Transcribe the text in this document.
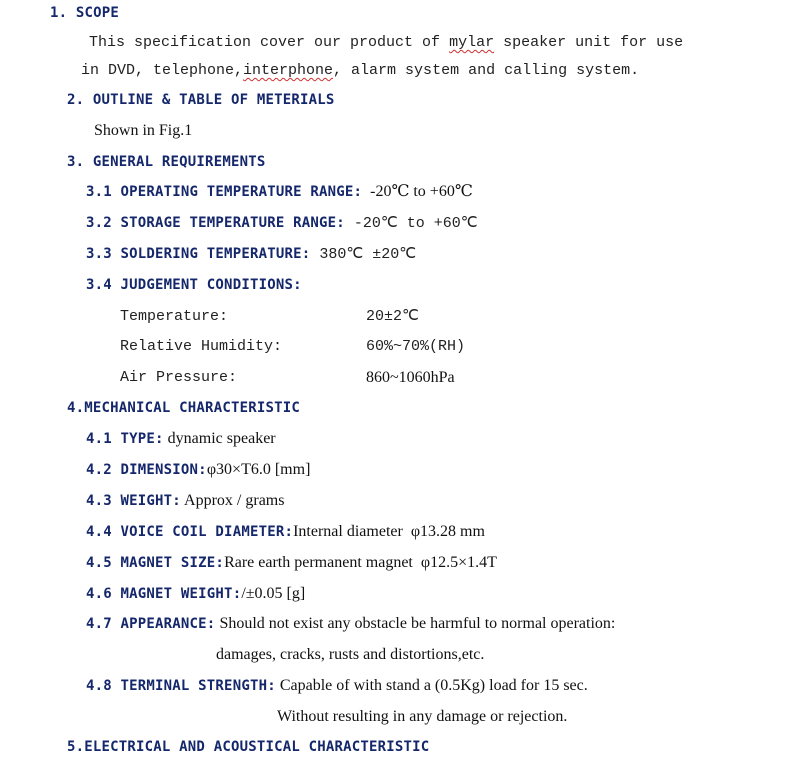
1. SCOPE
This specification cover our product of mylar speaker unit for use
in DVD, telephone,interphone, alarm system and calling system.
2. OUTLINE & TABLE OF METERIALS
Shown in Fig.1
3. GENERAL REQUIREMENTS
3.1 OPERATING TEMPERATURE RANGE:  -20℃ to +60℃
3.2 STORAGE TEMPERATURE RANGE: -20℃ to +60℃
3.3 SOLDERING TEMPERATURE: 380℃ ±20℃
3.4 JUDGEMENT CONDITIONS:
Temperature:	20±2℃
Relative Humidity:	60%~70%(RH)
Air Pressure:	860~1060hPa
4.MECHANICAL CHARACTERISTIC
4.1 TYPE: dynamic speaker
4.2 DIMENSION:φ30×T6.0 [mm]
4.3 WEIGHT: Approx / grams
4.4 VOICE COIL DIAMETER:Internal diameter  φ13.28 mm
4.5 MAGNET SIZE:Rare earth permanent magnet  φ12.5×1.4T
4.6 MAGNET WEIGHT:/±0.05 [g]
4.7 APPEARANCE: Should not exist any obstacle be harmful to normal operation:
damages, cracks, rusts and distortions,etc.
4.8 TERMINAL STRENGTH: Capable of with stand a (0.5Kg) load for 15 sec.
Without resulting in any damage or rejection.
5.ELECTRICAL AND ACOUSTICAL CHARACTERISTIC
